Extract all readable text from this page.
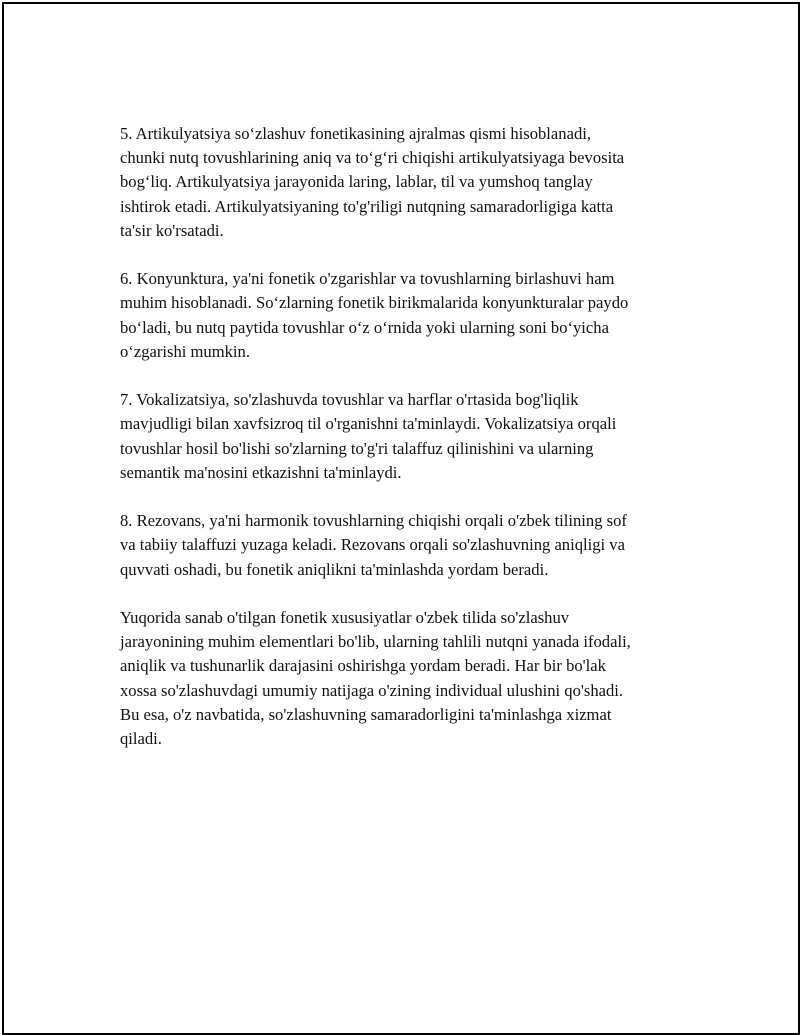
5. Artikulyatsiya so‘zlashuv fonetikasining ajralmas qismi hisoblanadi,
chunki nutq tovushlarining aniq va to‘g‘ri chiqishi artikulyatsiyaga bevosita
bog‘liq. Artikulyatsiya jarayonida laring, lablar, til va yumshoq tanglay
ishtirok etadi. Artikulyatsiyaning to'g'riligi nutqning samaradorligiga katta
ta'sir ko'rsatadi.

6. Konyunktura, ya'ni fonetik o'zgarishlar va tovushlarning birlashuvi ham
muhim hisoblanadi. So‘zlarning fonetik birikmalarida konyunkturalar paydo
bo‘ladi, bu nutq paytida tovushlar o‘z o‘rnida yoki ularning soni bo‘yicha
o‘zgarishi mumkin.

7. Vokalizatsiya, so'zlashuvda tovushlar va harflar o'rtasida bog'liqlik
mavjudligi bilan xavfsizroq til o'rganishni ta'minlaydi. Vokalizatsiya orqali
tovushlar hosil bo'lishi so'zlarning to'g'ri talaffuz qilinishini va ularning
semantik ma'nosini etkazishni ta'minlaydi.

8. Rezovans, ya'ni harmonik tovushlarning chiqishi orqali o'zbek tilining sof
va tabiiy talaffuzi yuzaga keladi. Rezovans orqali so'zlashuvning aniqligi va
quvvati oshadi, bu fonetik aniqlikni ta'minlashda yordam beradi.

Yuqorida sanab o'tilgan fonetik xususiyatlar o'zbek tilida so'zlashuv
jarayonining muhim elementlari bo'lib, ularning tahlili nutqni yanada ifodali,
aniqlik va tushunarlik darajasini oshirishga yordam beradi. Har bir bo'lak
xossa so'zlashuvdagi umumiy natijaga o'zining individual ulushini qo'shadi.
Bu esa, o'z navbatida, so'zlashuvning samaradorligini ta'minlashga xizmat
qiladi.
